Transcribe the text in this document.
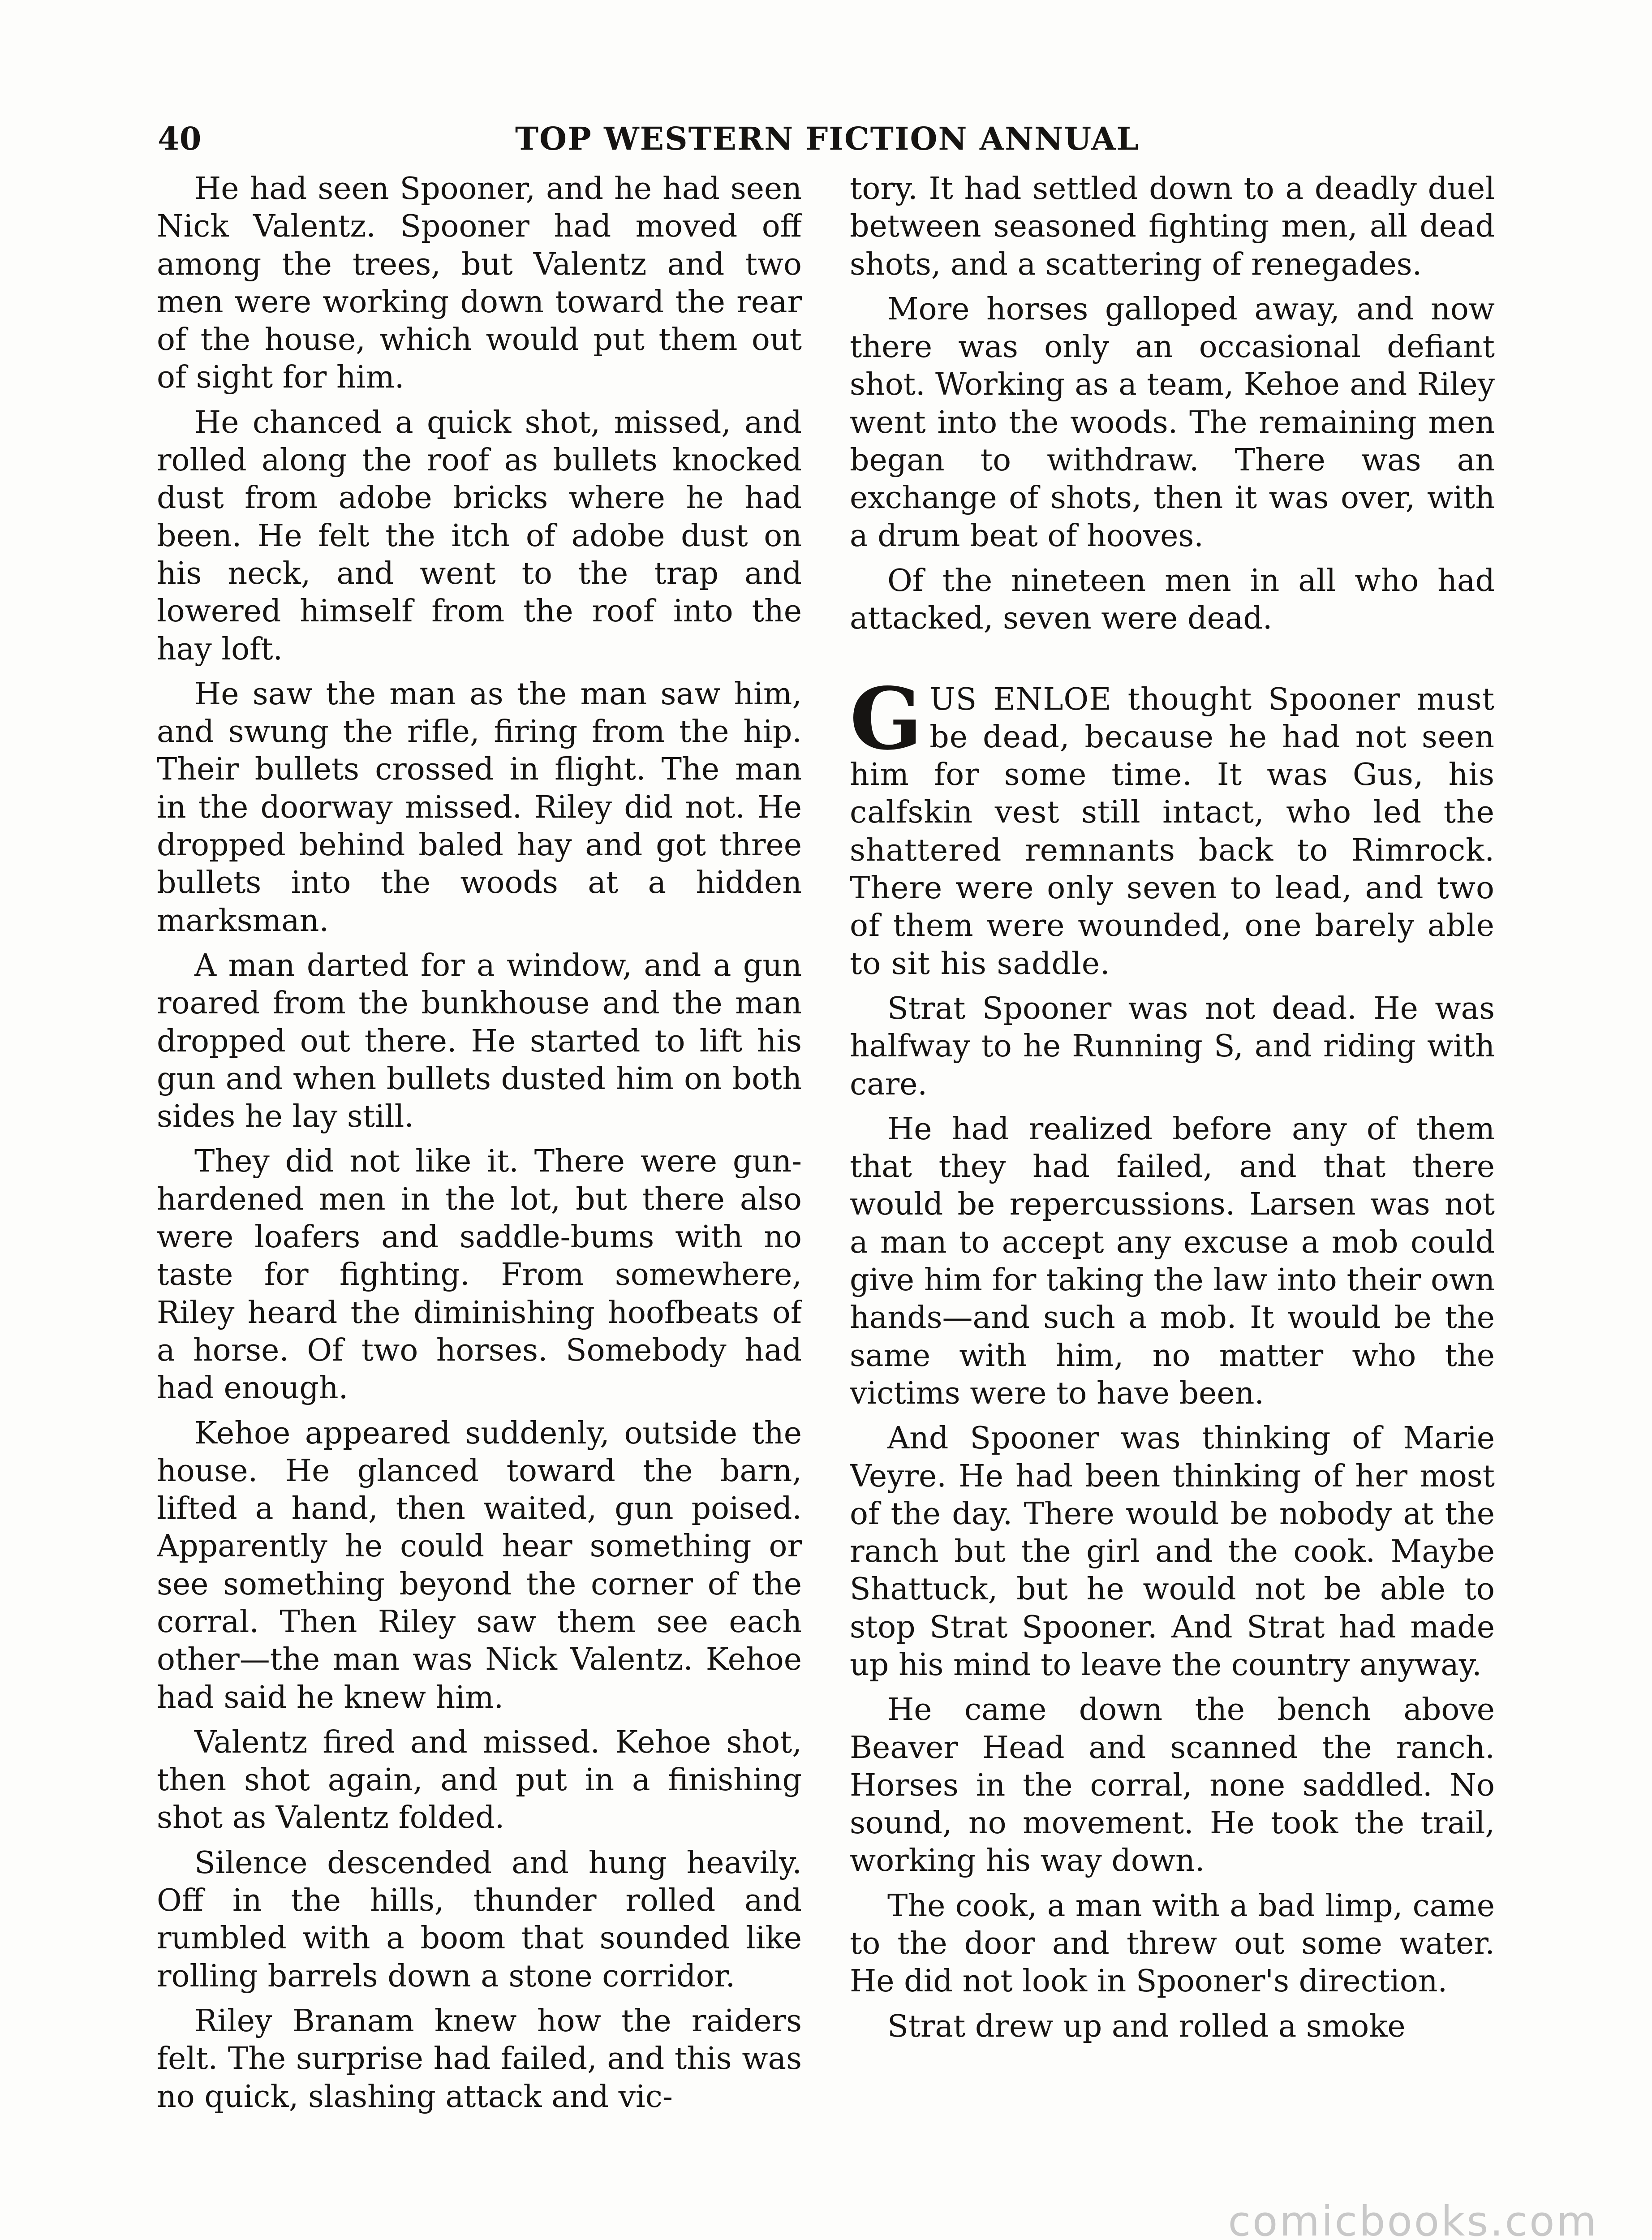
40	TOP WESTERN FICTION ANNUAL

He had seen Spooner, and he had seen Nick Valentz. Spooner had moved off among the trees, but Valentz and two men were working down toward the rear of the house, which would put them out of sight for him.

He chanced a quick shot, missed, and rolled along the roof as bullets knocked dust from adobe bricks where he had been. He felt the itch of adobe dust on his neck, and went to the trap and lowered himself from the roof into the hay loft.

He saw the man as the man saw him, and swung the rifle, firing from the hip. Their bullets crossed in flight. The man in the doorway missed. Riley did not. He dropped behind baled hay and got three bullets into the woods at a hidden marksman.

A man darted for a window, and a gun roared from the bunkhouse and the man dropped out there. He started to lift his gun and when bullets dusted him on both sides he lay still.

They did not like it. There were gun-hardened men in the lot, but there also were loafers and saddle-bums with no taste for fighting. From somewhere, Riley heard the diminishing hoofbeats of a horse. Of two horses. Somebody had had enough.

Kehoe appeared suddenly, outside the house. He glanced toward the barn, lifted a hand, then waited, gun poised. Apparently he could hear something or see something beyond the corner of the corral. Then Riley saw them see each other—the man was Nick Valentz. Kehoe had said he knew him.

Valentz fired and missed. Kehoe shot, then shot again, and put in a finishing shot as Valentz folded.

Silence descended and hung heavily. Off in the hills, thunder rolled and rumbled with a boom that sounded like rolling barrels down a stone corridor.

Riley Branam knew how the raiders felt. The surprise had failed, and this was no quick, slashing attack and vic-

tory. It had settled down to a deadly duel between seasoned fighting men, all dead shots, and a scattering of renegades.

More horses galloped away, and now there was only an occasional defiant shot. Working as a team, Kehoe and Riley went into the woods. The remaining men began to withdraw. There was an exchange of shots, then it was over, with a drum beat of hooves.

Of the nineteen men in all who had attacked, seven were dead.

GUS ENLOE thought Spooner must be dead, because he had not seen him for some time. It was Gus, his calfskin vest still intact, who led the shattered remnants back to Rimrock. There were only seven to lead, and two of them were wounded, one barely able to sit his saddle.

Strat Spooner was not dead. He was halfway to he Running S, and riding with care.

He had realized before any of them that they had failed, and that there would be repercussions. Larsen was not a man to accept any excuse a mob could give him for taking the law into their own hands—and such a mob. It would be the same with him, no matter who the victims were to have been.

And Spooner was thinking of Marie Veyre. He had been thinking of her most of the day. There would be nobody at the ranch but the girl and the cook. Maybe Shattuck, but he would not be able to stop Strat Spooner. And Strat had made up his mind to leave the country anyway.

He came down the bench above Beaver Head and scanned the ranch. Horses in the corral, none saddled. No sound, no movement. He took the trail, working his way down.

The cook, a man with a bad limp, came to the door and threw out some water. He did not look in Spooner's direction.

Strat drew up and rolled a smoke

comicbooks.com
